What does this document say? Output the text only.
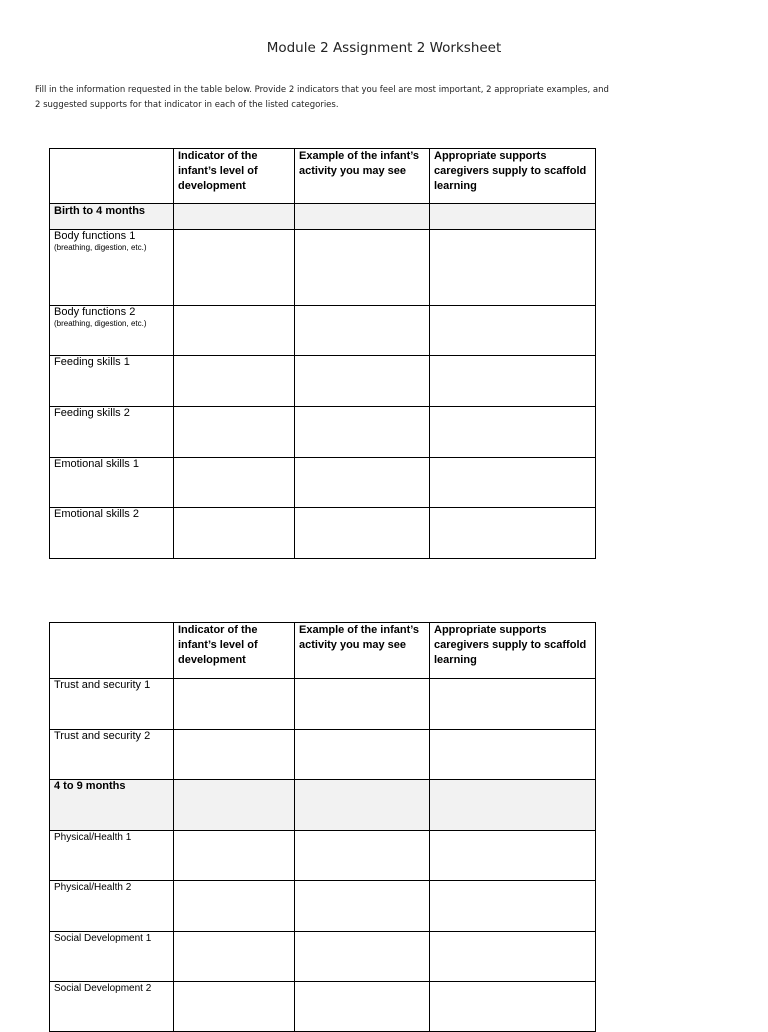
Module 2 Assignment 2 Worksheet

Fill in the information requested in the table below. Provide 2 indicators that you feel are most important, 2 appropriate examples, and

2 suggested supports for that indicator in each of the listed categories.

	Indicator of the infant’s level of development	Example of the infant’s activity you may see	Appropriate supports caregivers supply to scaffold learning

Birth to 4 months			

Body functions 1
(breathing, digestion, etc.)			

Body functions 2
(breathing, digestion, etc.)			

Feeding skills 1			

Feeding skills 2			

Emotional skills 1			

Emotional skills 2			

	Indicator of the infant’s level of development	Example of the infant’s activity you may see	Appropriate supports caregivers supply to scaffold learning

Trust and security 1			

Trust and security 2			

4 to 9 months			

Physical/Health 1			

Physical/Health 2			

Social Development 1			

Social Development 2			
